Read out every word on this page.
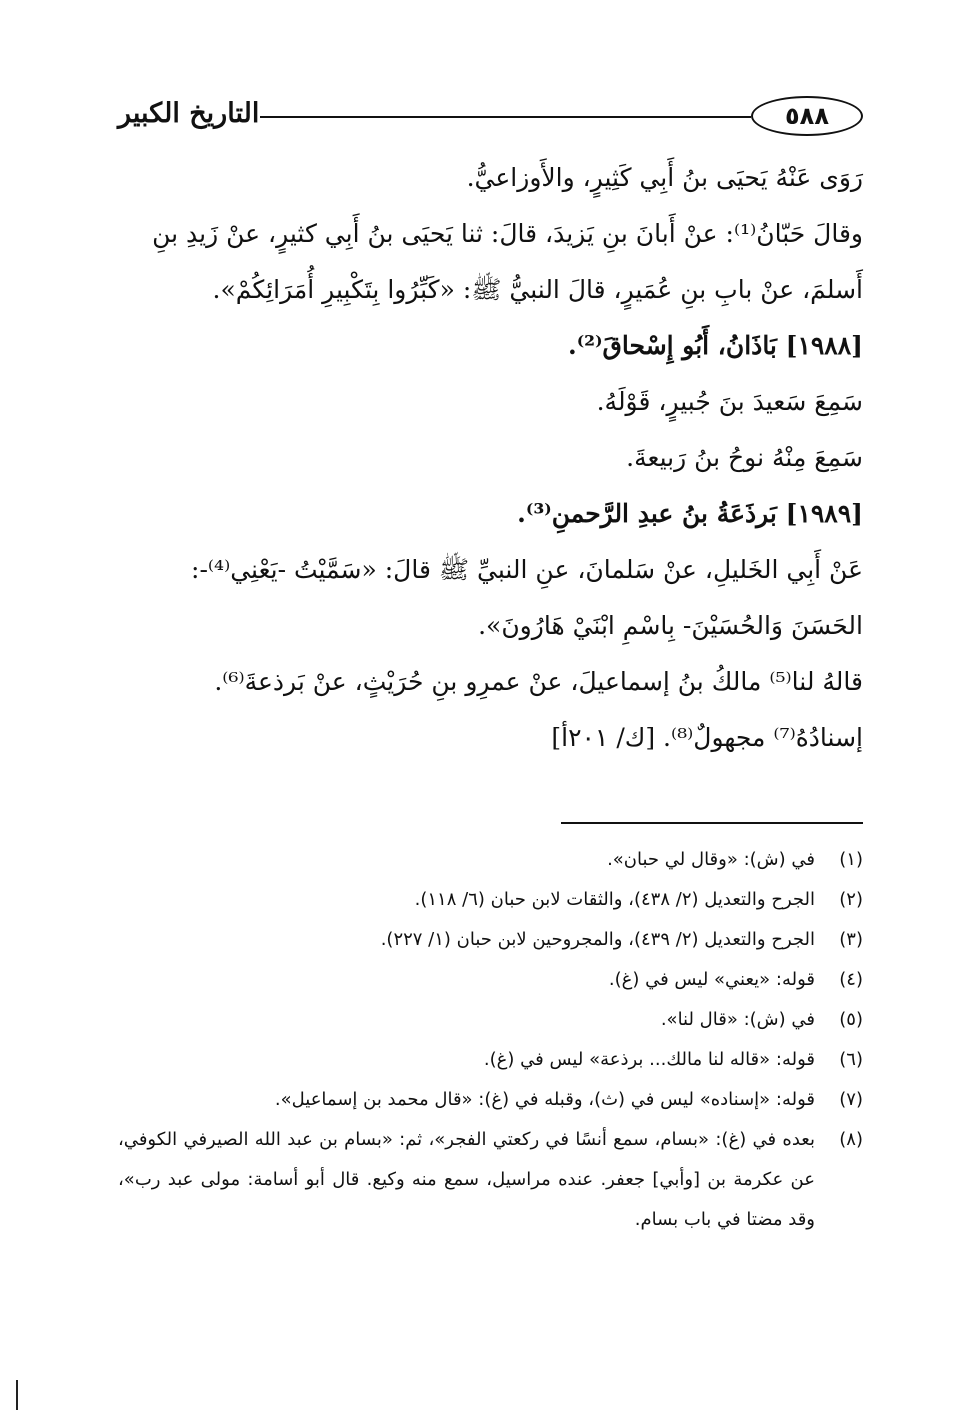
٥٨٨
التاريخ الكبير

رَوَى عَنْهُ يَحيَى بنُ أَبِي كَثِيرٍ، والأَوزاعيُّ.

وقالَ حَبّانُ⁽¹⁾: عنْ أَبانَ بنِ يَزيدَ، قالَ: ثنا يَحيَى بنُ أَبِي كثيرٍ، عنْ زَيدِ بنِ

أَسلمَ، عنْ بابِ بنِ عُمَيرٍ، قالَ النبيُّ ﷺ: «كَبِّرُوا بِتَكْبِيرِ أُمَرَائِكُمْ».

[١٩٨٨] بَاذَانُ، أَبُو إِسْحاقَ⁽²⁾.

سَمِعَ سَعيدَ بنَ جُبيرٍ، قَوْلَهُ.

سَمِعَ مِنْهُ نوحُ بنُ رَبيعةَ.

[١٩٨٩] بَرذَعَةُ بنُ عبدِ الرَّحمنِ⁽³⁾.

عَنْ أَبِي الخَليلِ، عنْ سَلمانَ، عنِ النبيِّ ﷺ قالَ: «سَمَّيْتُ -يَعْنِي⁽⁴⁾-:

الحَسَنَ وَالحُسَيْنَ- بِاسْمِ ابْنَيْ هَارُونَ».

قالهُ لنا⁽⁵⁾ مالكُ بنُ إسماعيلَ، عنْ عمرِو بنِ حُرَيْثٍ، عنْ بَرذعةَ⁽⁶⁾.

إسنادُهُ⁽⁷⁾ مجهولٌ⁽⁸⁾. [ك/ ٢٠١أ]

(١)
في (ش): «وقال لي حبان».
(٢)
الجرح والتعديل (٢/ ٤٣٨)، والثقات لابن حبان (٦/ ١١٨).
(٣)
الجرح والتعديل (٢/ ٤٣٩)، والمجروحين لابن حبان (١/ ٢٢٧).
(٤)
قوله: «يعني» ليس في (غ).
(٥)
في (ش): «قال لنا».
(٦)
قوله: «قاله لنا مالك... برذعة» ليس في (غ).
(٧)
قوله: «إسناده» ليس في (ث)، وقبله في (غ): «قال محمد بن إسماعيل».
(٨)
بعده في (غ): «بسام، سمع أنسًا في ركعتي الفجر»، ثم: «بسام بن عبد الله الصيرفي الكوفي، عن عكرمة بن [وأبي] جعفر. عنده مراسيل، سمع منه وكيع. قال أبو أسامة: مولى عبد رب»، وقد مضتا في باب بسام.
